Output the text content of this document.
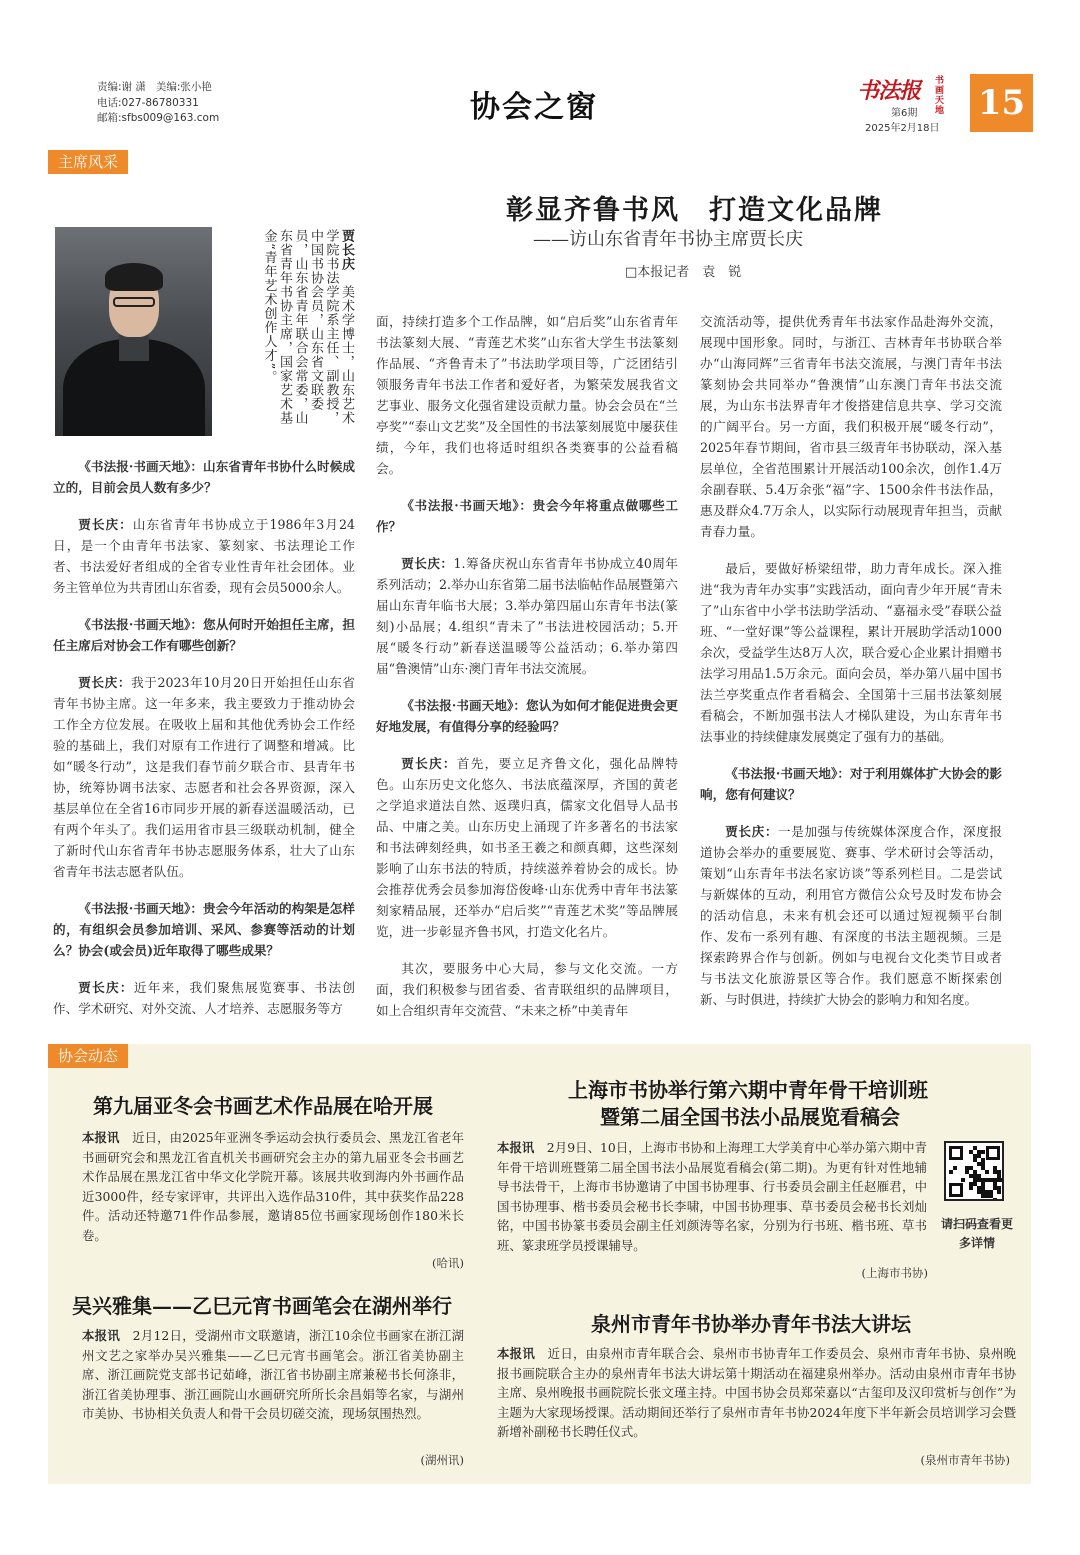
责编:谢 潇 美编:张小艳
电话:027-86780331
邮箱:sfbs009@163.com	协会之窗	书法报 书画天地
第6期
2025年2月18日
15
主席风采
彰显齐鲁书风　打造文化品牌
——访山东省青年书协主席贾长庆
□本报记者　袁　锐
贾长庆　美术学博士，山东艺术学院书法学院系主任、副教授，中国书协会员，山东省文联委员，山东省青年联合会常委，山东省青年书协主席，国家艺术基金“青年艺术创作人才”。

《书法报·书画天地》：山东省青年书协什么时候成立的，目前会员人数有多少？

贾长庆：山东省青年书协成立于1986年3月24日，是一个由青年书法家、篆刻家、书法理论工作者、书法爱好者组成的全省专业性青年社会团体。业务主管单位为共青团山东省委，现有会员5000余人。

《书法报·书画天地》：您从何时开始担任主席，担任主席后对协会工作有哪些创新？

贾长庆：我于2023年10月20日开始担任山东省青年书协主席。这一年多来，我主要致力于推动协会工作全方位发展。在吸收上届和其他优秀协会工作经验的基础上，我们对原有工作进行了调整和增减。比如“暖冬行动”，这是我们春节前夕联合市、县青年书协，统筹协调书法家、志愿者和社会各界资源，深入基层单位在全省16市同步开展的新春送温暖活动，已有两个年头了。我们运用省市县三级联动机制，健全了新时代山东省青年书协志愿服务体系，壮大了山东省青年书法志愿者队伍。

《书法报·书画天地》：贵会今年活动的构架是怎样的，有组织会员参加培训、采风、参赛等活动的计划么？协会(或会员)近年取得了哪些成果？

贾长庆：近年来，我们聚焦展览赛事、书法创作、学术研究、对外交流、人才培养、志愿服务等方

面，持续打造多个工作品牌，如“启后奖”山东省青年书法篆刻大展、“青莲艺术奖”山东省大学生书法篆刻作品展、“齐鲁青未了”书法助学项目等，广泛团结引领服务青年书法工作者和爱好者，为繁荣发展我省文艺事业、服务文化强省建设贡献力量。协会会员在“兰亭奖”“泰山文艺奖”及全国性的书法篆刻展览中屡获佳绩，今年，我们也将适时组织各类赛事的公益看稿会。

《书法报·书画天地》：贵会今年将重点做哪些工作？

贾长庆：1.筹备庆祝山东省青年书协成立40周年系列活动；2.举办山东省第二届书法临帖作品展暨第六届山东青年临书大展；3.举办第四届山东青年书法(篆刻)小品展；4.组织“青未了”书法进校园活动；5.开展“暖冬行动”新春送温暖等公益活动；6.举办第四届“鲁澳情”山东·澳门青年书法交流展。

《书法报·书画天地》：您认为如何才能促进贵会更好地发展，有值得分享的经验吗？

贾长庆：首先，要立足齐鲁文化，强化品牌特色。山东历史文化悠久、书法底蕴深厚，齐国的黄老之学追求道法自然、返璞归真，儒家文化倡导人品书品、中庸之美。山东历史上涌现了许多著名的书法家和书法碑刻经典，如书圣王羲之和颜真卿，这些深刻影响了山东书法的特质，持续滋养着协会的成长。协会推荐优秀会员参加海岱俊峰·山东优秀中青年书法篆刻家精品展，还举办“启后奖”“青莲艺术奖”等品牌展览，进一步彰显齐鲁书风，打造文化名片。

其次，要服务中心大局，参与文化交流。一方面，我们积极参与团省委、省青联组织的品牌项目，如上合组织青年交流营、“未来之桥”中美青年

交流活动等，提供优秀青年书法家作品赴海外交流，展现中国形象。同时，与浙江、吉林青年书协联合举办“山海同辉”三省青年书法交流展，与澳门青年书法篆刻协会共同举办“鲁澳情”山东澳门青年书法交流展，为山东书法界青年才俊搭建信息共享、学习交流的广阔平台。另一方面，我们积极开展“暖冬行动”，2025年春节期间，省市县三级青年书协联动，深入基层单位，全省范围累计开展活动100余次，创作1.4万余副春联、5.4万余张“福”字、1500余件书法作品，惠及群众4.7万余人，以实际行动展现青年担当，贡献青春力量。

最后，要做好桥梁纽带，助力青年成长。深入推进“我为青年办实事”实践活动，面向青少年开展“青未了”山东省中小学书法助学活动、“嘉福永受”春联公益班、“一堂好课”等公益课程，累计开展助学活动1000余次，受益学生达8万人次，联合爱心企业累计捐赠书法学习用品1.5万余元。面向会员，举办第八届中国书法兰亭奖重点作者看稿会、全国第十三届书法篆刻展看稿会，不断加强书法人才梯队建设，为山东青年书法事业的持续健康发展奠定了强有力的基础。

《书法报·书画天地》：对于利用媒体扩大协会的影响，您有何建议？

贾长庆：一是加强与传统媒体深度合作，深度报道协会举办的重要展览、赛事、学术研讨会等活动，策划“山东青年书法名家访谈”等系列栏目。二是尝试与新媒体的互动，利用官方微信公众号及时发布协会的活动信息，未来有机会还可以通过短视频平台制作、发布一系列有趣、有深度的书法主题视频。三是探索跨界合作与创新。例如与电视台文化类节目或者与书法文化旅游景区等合作。我们愿意不断探索创新、与时俱进，持续扩大协会的影响力和知名度。

协会动态
第九届亚冬会书画艺术作品展在哈开展
本报讯　近日，由2025年亚洲冬季运动会执行委员会、黑龙江省老年书画研究会和黑龙江省直机关书画研究会主办的第九届亚冬会书画艺术作品展在黑龙江省中华文化学院开幕。该展共收到海内外书画作品近3000件，经专家评审，共评出入选作品310件，其中获奖作品228件。活动还特邀71件作品参展，邀请85位书画家现场创作180米长卷。
(哈讯)
吴兴雅集——乙巳元宵书画笔会在湖州举行
本报讯　2月12日，受湖州市文联邀请，浙江10余位书画家在浙江湖州文艺之家举办吴兴雅集——乙巳元宵书画笔会。浙江省美协副主席、浙江画院党支部书记茹峰，浙江省书协副主席兼秘书长何涤非，浙江省美协理事、浙江画院山水画研究所所长余昌娟等名家，与湖州市美协、书协相关负责人和骨干会员切磋交流，现场氛围热烈。
(湖州讯)
上海市书协举行第六期中青年骨干培训班
暨第二届全国书法小品展览看稿会
本报讯　2月9日、10日，上海市书协和上海理工大学美育中心举办第六期中青年骨干培训班暨第二届全国书法小品展览看稿会(第二期)。为更有针对性地辅导书法骨干，上海市书协邀请了中国书协理事、行书委员会副主任赵雁君，中国书协理事、楷书委员会秘书长李啸，中国书协理事、草书委员会秘书长刘灿铭，中国书协篆书委员会副主任刘颜涛等名家，分别为行书班、楷书班、草书班、篆隶班学员授课辅导。
(上海市书协)
请扫码查看更多详情
泉州市青年书协举办青年书法大讲坛
本报讯　近日，由泉州市青年联合会、泉州市书协青年工作委员会、泉州市青年书协、泉州晚报书画院联合主办的泉州青年书法大讲坛第十期活动在福建泉州举办。活动由泉州市青年书协主席、泉州晚报书画院院长张文瑾主持。中国书协会员郑荣嘉以“古玺印及汉印赏析与创作”为主题为大家现场授课。活动期间还举行了泉州市青年书协2024年度下半年新会员培训学习会暨新增补副秘书长聘任仪式。
(泉州市青年书协)
